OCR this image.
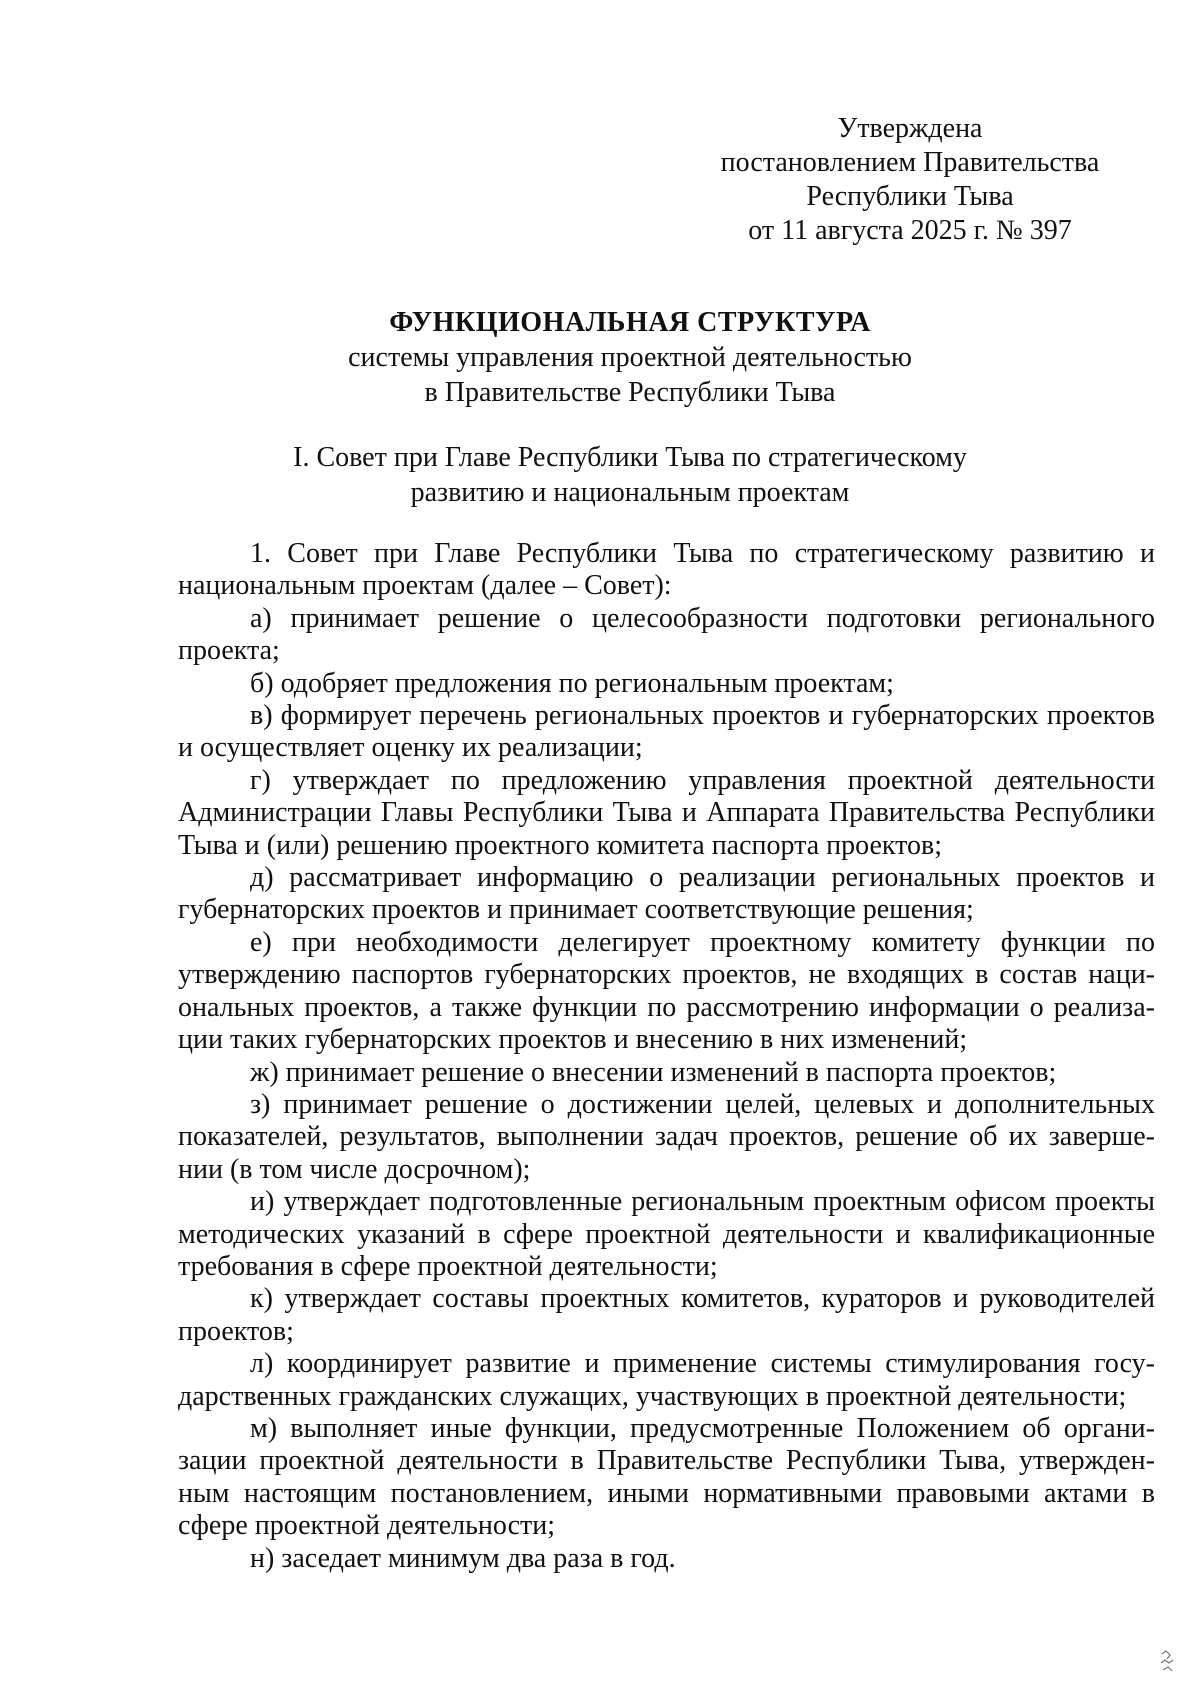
Утверждена
постановлением Правительства
Республики Тыва
от 11 августа 2025 г. № 397
ФУНКЦИОНАЛЬНАЯ СТРУКТУРА
системы управления проектной деятельностью
в Правительстве Республики Тыва
I. Совет при Главе Республики Тыва по стратегическому
развитию и национальным проектам

1. Совет при Главе Республики Тыва по стратегическому развитию и национальным проектам (далее – Совет):

а) принимает решение о целесообразности подготовки регионального проекта;

б) одобряет предложения по региональным проектам;

в) формирует перечень региональных проектов и губернаторских проектов и осуществляет оценку их реализации;

г) утверждает по предложению управления проектной деятельности Администрации Главы Республики Тыва и Аппарата Правительства Республики Тыва и (или) решению проектного комитета паспорта проектов;

д) рассматривает информацию о реализации региональных проектов и губернаторских проектов и принимает соответствующие решения;

е) при необходимости делегирует проектному комитету функции по утверждению паспортов губернаторских проектов, не входящих в состав национальных проектов, а также функции по рассмотрению информации о реализации таких губернаторских проектов и внесению в них изменений;

ж) принимает решение о внесении изменений в паспорта проектов;

з) принимает решение о достижении целей, целевых и дополнительных показателей, результатов, выполнении задач проектов, решение об их завершении (в том числе досрочном);

и) утверждает подготовленные региональным проектным офисом проекты методических указаний в сфере проектной деятельности и квалификационные требования в сфере проектной деятельности;

к) утверждает составы проектных комитетов, кураторов и руководителей проектов;

л) координирует развитие и применение системы стимулирования государственных гражданских служащих, участвующих в проектной деятельности;

м) выполняет иные функции, предусмотренные Положением об организации проектной деятельности в Правительстве Республики Тыва, утвержденным настоящим постановлением, иными нормативными правовыми актами в сфере проектной деятельности;

н) заседает минимум два раза в год.
